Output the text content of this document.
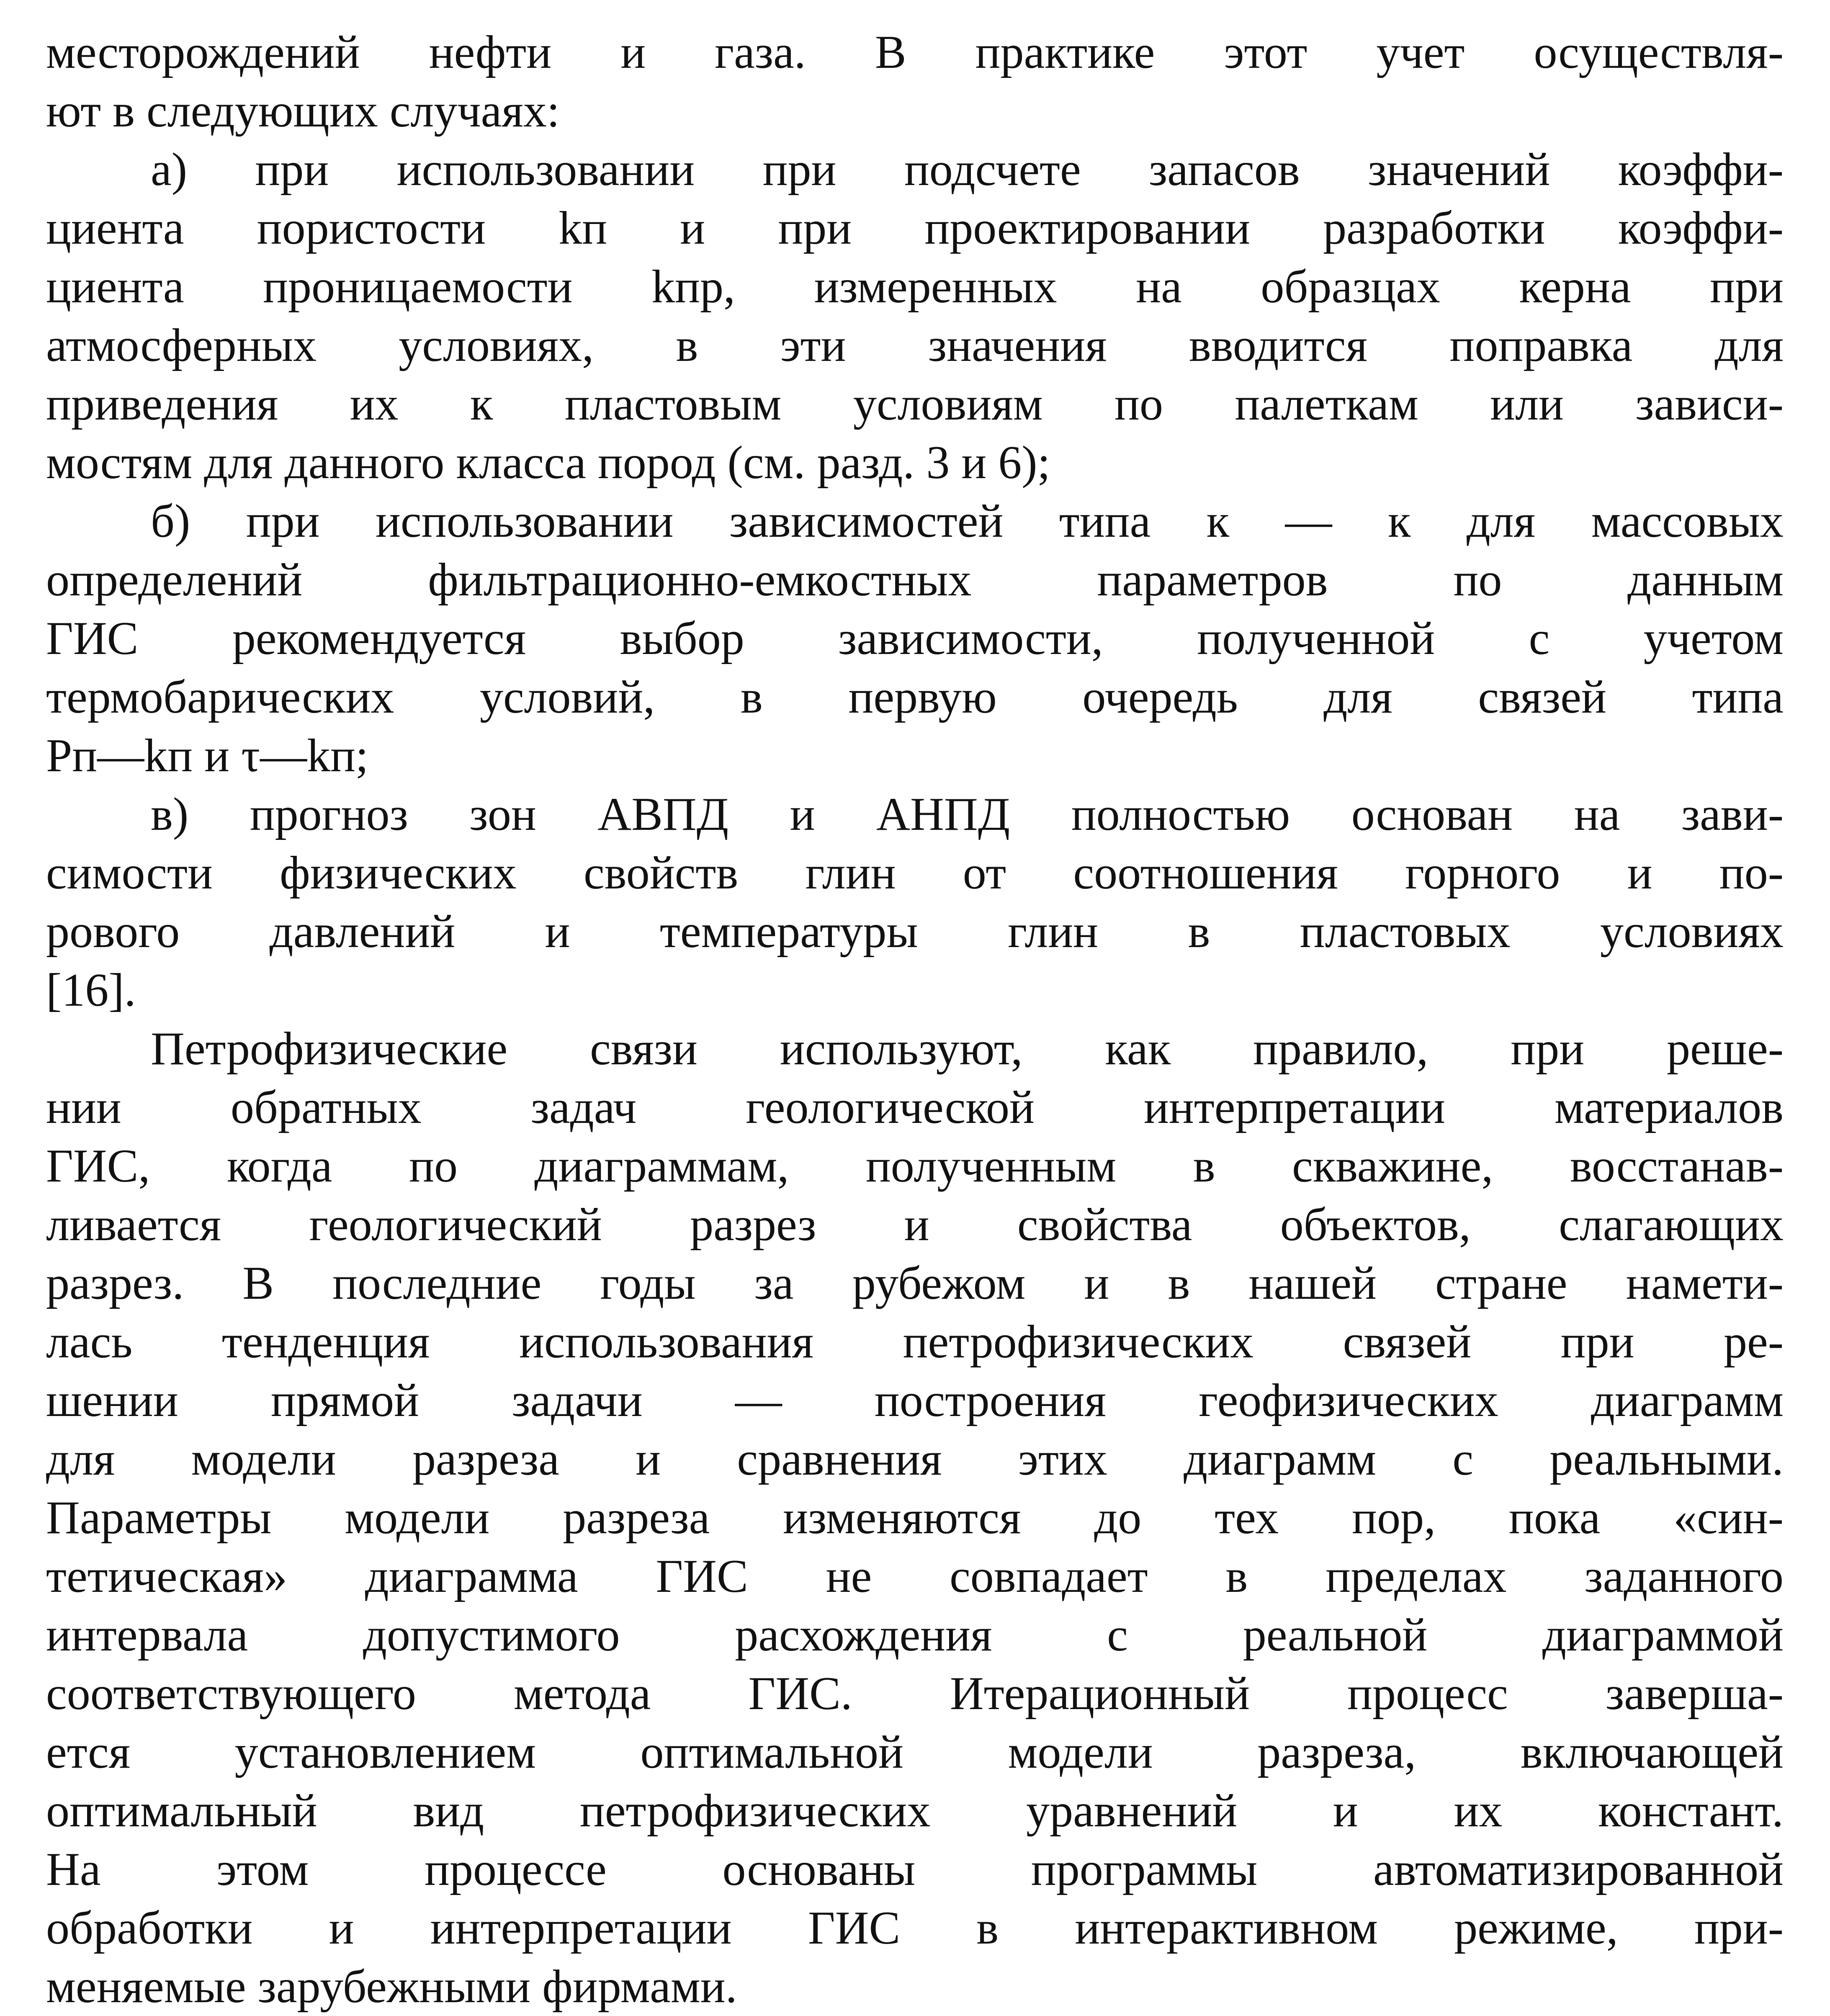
месторождений нефти и газа. В практике этот учет осуществля-
ют в следующих случаях:
а) при использовании при подсчете запасов значений коэффи-
циента пористости kп и при проектировании разработки коэффи-
циента проницаемости kпр, измеренных на образцах керна при
атмосферных условиях, в эти значения вводится поправка для
приведения их к пластовым условиям по палеткам или зависи-
мостям для данного класса пород (см. разд. 3 и 6);
б) при использовании зависимостей типа к — к для массовых
определений фильтрационно-емкостных параметров по данным
ГИС рекомендуется выбор зависимости, полученной с учетом
термобарических условий, в первую очередь для связей типа
Pп—kп и τ—kп;
в) прогноз зон АВПД и АНПД полностью основан на зави-
симости физических свойств глин от соотношения горного и по-
рового давлений и температуры глин в пластовых условиях
[16].
Петрофизические связи используют, как правило, при реше-
нии обратных задач геологической интерпретации материалов
ГИС, когда по диаграммам, полученным в скважине, восстанав-
ливается геологический разрез и свойства объектов, слагающих
разрез. В последние годы за рубежом и в нашей стране намети-
лась тенденция использования петрофизических связей при ре-
шении прямой задачи — построения геофизических диаграмм
для модели разреза и сравнения этих диаграмм с реальными.
Параметры модели разреза изменяются до тех пор, пока «син-
тетическая» диаграмма ГИС не совпадает в пределах заданного
интервала допустимого расхождения с реальной диаграммой
соответствующего метода ГИС. Итерационный процесс заверша-
ется установлением оптимальной модели разреза, включающей
оптимальный вид петрофизических уравнений и их констант.
На этом процессе основаны программы автоматизированной
обработки и интерпретации ГИС в интерактивном режиме, при-
меняемые зарубежными фирмами.
